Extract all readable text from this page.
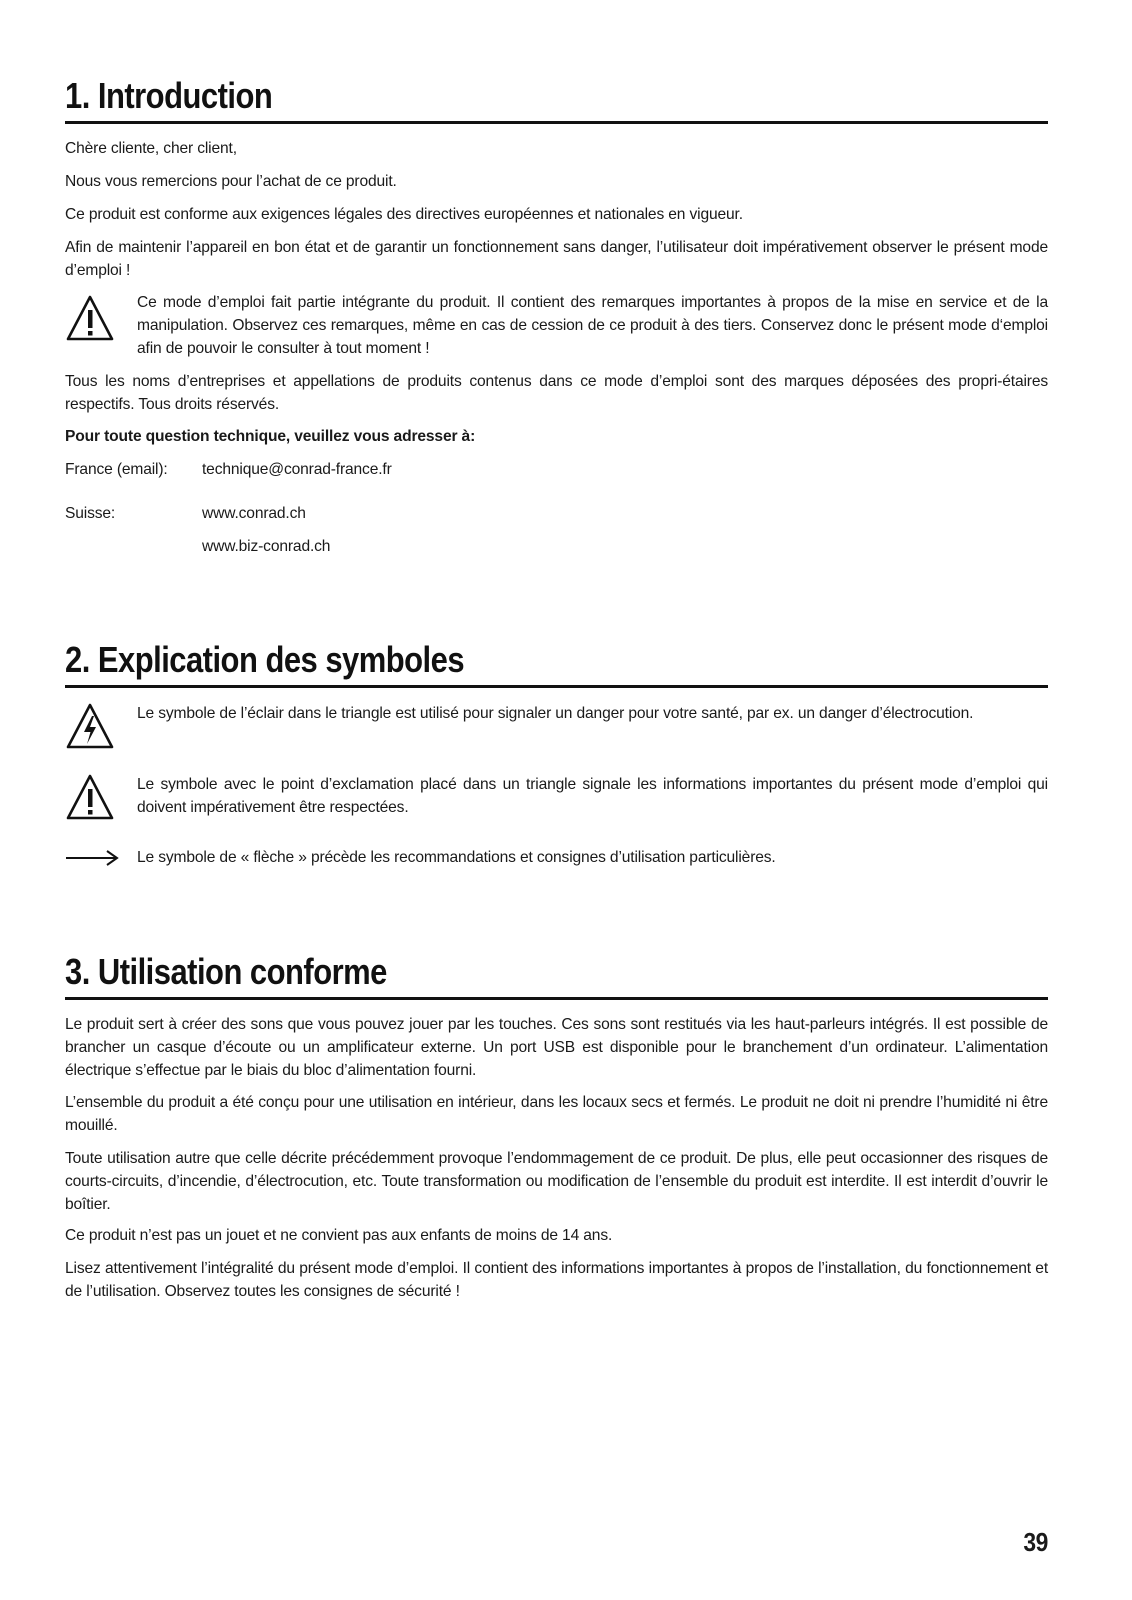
1. Introduction

Chère cliente, cher client,

Nous vous remercions pour l’achat de ce produit.

Ce produit est conforme aux exigences légales des directives européennes et nationales en vigueur.

Afin de maintenir l’appareil en bon état et de garantir un fonctionnement sans danger, l’utilisateur doit impérativement observer le présent mode d’emploi !

Ce mode d’emploi fait partie intégrante du produit. Il contient des remarques importantes à propos de la mise en service et de la manipulation. Observez ces remarques, même en cas de cession de ce produit à des tiers. Conservez donc le présent mode d‘emploi afin de pouvoir le consulter à tout moment !

Tous les noms d’entreprises et appellations de produits contenus dans ce mode d’emploi sont des marques déposées des propri-étaires respectifs. Tous droits réservés.

Pour toute question technique, veuillez vous adresser à:

France (email): technique@conrad-france.fr

Suisse:	www.conrad.ch

www.biz-conrad.ch

2. Explication des symboles

Le symbole de l’éclair dans le triangle est utilisé pour signaler un danger pour votre santé, par ex. un danger d’électrocution.

Le symbole avec le point d’exclamation placé dans un triangle signale les informations importantes du présent mode d’emploi qui doivent impérativement être respectées.

Le symbole de « flèche » précède les recommandations et consignes d’utilisation particulières.

3. Utilisation conforme

Le produit sert à créer des sons que vous pouvez jouer par les touches. Ces sons sont restitués via les haut-parleurs intégrés. Il est possible de brancher un casque d’écoute ou un amplificateur externe. Un port USB est disponible pour le branchement d’un ordinateur. L’alimentation électrique s’effectue par le biais du bloc d’alimentation fourni.

L’ensemble du produit a été conçu pour une utilisation en intérieur, dans les locaux secs et fermés. Le produit ne doit ni prendre l’humidité ni être mouillé.

Toute utilisation autre que celle décrite précédemment provoque l’endommagement de ce produit. De plus, elle peut occasionner des risques de courts-circuits, d’incendie, d’électrocution, etc. Toute transformation ou modification de l’ensemble du produit est interdite. Il est interdit d’ouvrir le boîtier.

Ce produit n’est pas un jouet et ne convient pas aux enfants de moins de 14 ans.

Lisez attentivement l’intégralité du présent mode d’emploi. Il contient des informations importantes à propos de l’installation, du fonctionnement et de l’utilisation. Observez toutes les consignes de sécurité !

39
